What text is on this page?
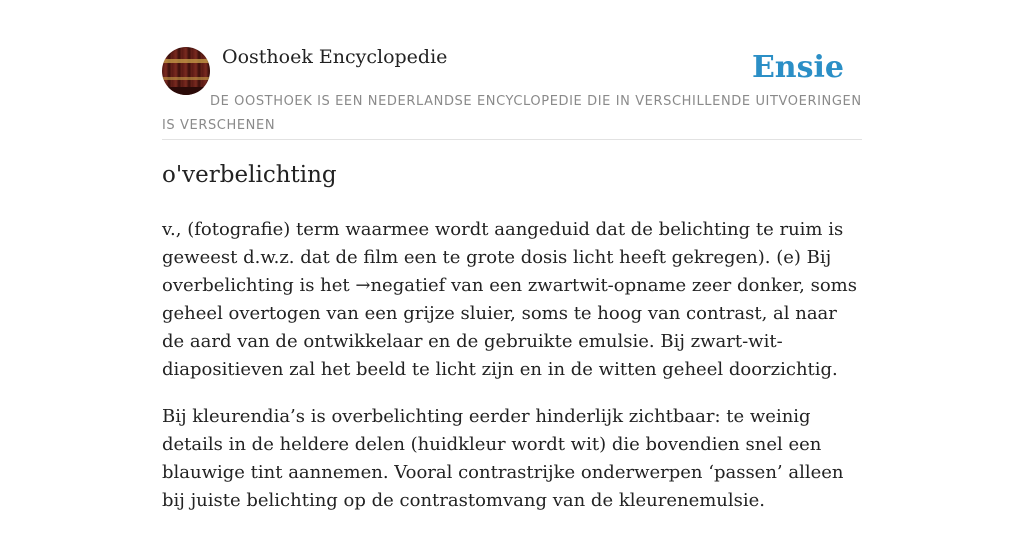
Oosthoek Encyclopedie	Ensie
DE OOSTHOEK IS EEN NEDERLANDSE ENCYCLOPEDIE DIE IN VERSCHILLENDE UITVOERINGEN IS VERSCHENEN
o'verbelichting

v., (fotografie) term waarmee wordt aangeduid dat de belichting te ruim is geweest d.w.z. dat de film een te grote dosis licht heeft gekregen). (e) Bij overbelichting is het →negatief van een zwartwit-opname zeer donker, soms geheel overtogen van een grijze sluier, soms te hoog van contrast, al naar de aard van de ontwikkelaar en de gebruikte emulsie. Bij zwart-wit-diapositieven zal het beeld te licht zijn en in de witten geheel doorzichtig.

Bij kleurendia’s is overbelichting eerder hinderlijk zichtbaar: te weinig details in de heldere delen (huidkleur wordt wit) die bovendien snel een blauwige tint aannemen. Vooral contrastrijke onderwerpen ‘passen’ alleen bij juiste belichting op de contrastomvang van de kleurenemulsie.
